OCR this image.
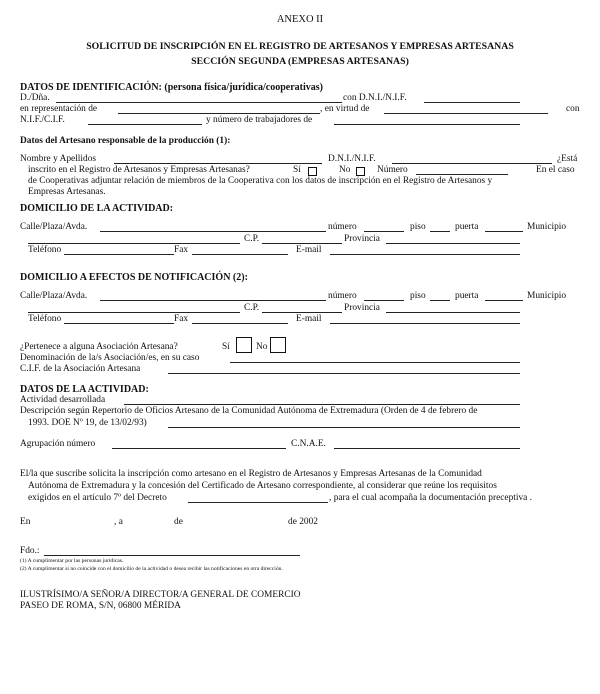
ANEXO II
SOLICITUD DE INSCRIPCIÓN EN EL REGISTRO DE ARTESANOS Y EMPRESAS ARTESANAS
SECCIÓN SEGUNDA (EMPRESAS ARTESANAS)
DATOS DE IDENTIFICACIÓN: (persona física/jurídica/cooperativas)
D./Dña.	con D.N.I./N.I.F.
en representación de	, en virtud de	con
N.I.F./C.I.F.	y número de trabajadores de
Datos del Artesano responsable de la producción (1):
Nombre y Apellidos	D.N.I./N.I.F.	¿Está
inscrito en el Registro de Artesanos y Empresas Artesanas?	Sí	No	Número	En el caso
de Cooperativas adjuntar relación de miembros de la Cooperativa con los datos de inscripción en el Registro de Artesanos y
Empresas Artesanas.
DOMICILIO DE LA ACTIVIDAD:
Calle/Plaza/Avda.	número	piso	puerta	Municipio
C.P.	Provincia
Teléfono	Fax	E-mail
DOMICILIO A EFECTOS DE NOTIFICACIÓN (2):
Calle/Plaza/Avda.	número	piso	puerta	Municipio
C.P.	Provincia
Teléfono	Fax	E-mail
¿Pertenece a alguna Asociación Artesana?	Sí	No
Denominación de la/s Asociación/es, en su caso
C.I.F. de la Asociación Artesana
DATOS DE LA ACTIVIDAD:
Actividad desarrollada
Descripción según Repertorio de Oficios Artesano de la Comunidad Autónoma de Extremadura (Orden de 4 de febrero de
1993. DOE Nº 19, de 13/02/93)
Agrupación número	C.N.A.E.
El/la que suscribe solicita la inscripción como artesano en el Registro de Artesanos y Empresas Artesanas de la Comunidad
Autónoma de Extremadura y la concesión del Certificado de Artesano correspondiente, al considerar que reúne los requisitos
exigidos en el artículo 7º del Decreto	, para el cual acompaña la documentación preceptiva .
En	, a	de	de 2002
Fdo.:
(1) A cumplimentar por las personas jurídicas.
(2) A cumplimentar si no coincide con el domicilio de la actividad o desea recibir las notificaciones en otra dirección.
ILUSTRÍSIMO/A SEÑOR/A DIRECTOR/A GENERAL DE COMERCIO
PASEO DE ROMA, S/N, 06800 MÉRIDA
